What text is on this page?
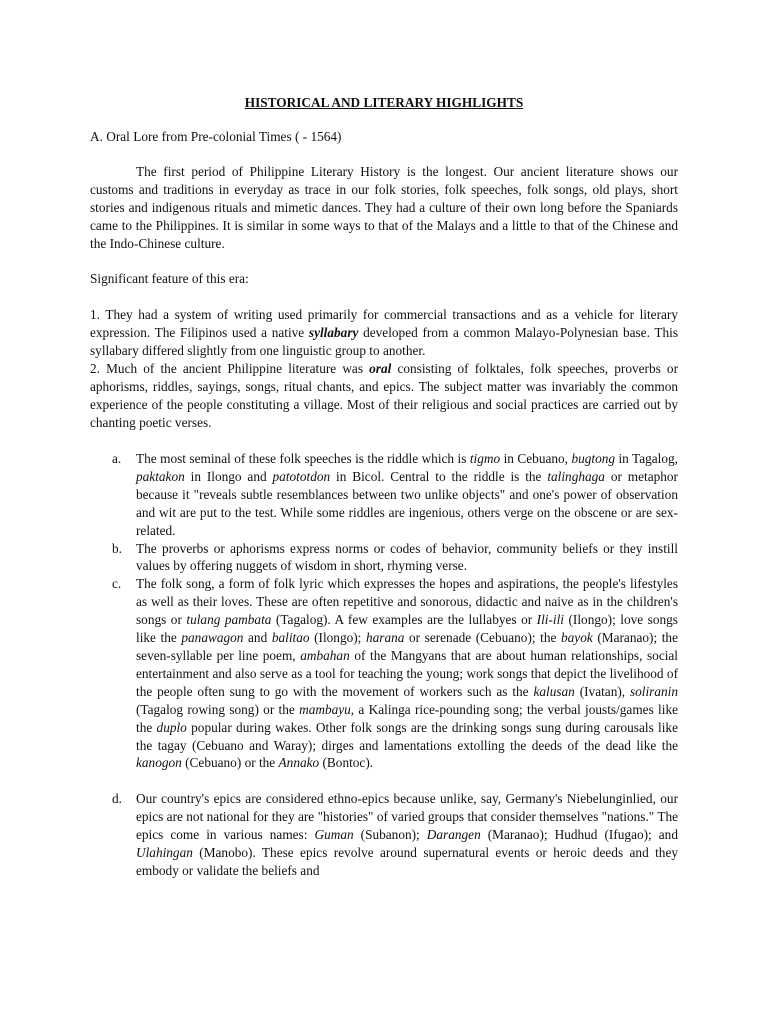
HISTORICAL AND LITERARY HIGHLIGHTS
A. Oral Lore from Pre-colonial Times ( - 1564)

The first period of Philippine Literary History is the longest. Our ancient literature shows our customs and traditions in everyday as trace in our folk stories, folk speeches, folk songs, old plays, short stories and indigenous rituals and mimetic dances. They had a culture of their own long before the Spaniards came to the Philippines. It is similar in some ways to that of the Malays and a little to that of the Chinese and the Indo-Chinese culture.

Significant feature of this era:

1. They had a system of writing used primarily for commercial transactions and as a vehicle for literary expression. The Filipinos used a native syllabary developed from a common Malayo-Polynesian base. This syllabary differed slightly from one linguistic group to another.

2. Much of the ancient Philippine literature was oral consisting of folktales, folk speeches, proverbs or aphorisms, riddles, sayings, songs, ritual chants, and epics. The subject matter was invariably the common experience of the people constituting a village. Most of their religious and social practices are carried out by chanting poetic verses.

a. The most seminal of these folk speeches is the riddle which is tigmo in Cebuano, bugtong in Tagalog, paktakon in Ilongo and patototdon in Bicol. Central to the riddle is the talinghaga or metaphor because it "reveals subtle resemblances between two unlike objects" and one's power of observation and wit are put to the test. While some riddles are ingenious, others verge on the obscene or are sex-related.
b. The proverbs or aphorisms express norms or codes of behavior, community beliefs or they instill values by offering nuggets of wisdom in short, rhyming verse.
c. The folk song, a form of folk lyric which expresses the hopes and aspirations, the people's lifestyles as well as their loves. These are often repetitive and sonorous, didactic and naive as in the children's songs or tulang pambata (Tagalog). A few examples are the lullabyes or Ili-ili (Ilongo); love songs like the panawagon and balitao (Ilongo); harana or serenade (Cebuano); the bayok (Maranao); the seven-syllable per line poem, ambahan of the Mangyans that are about human relationships, social entertainment and also serve as a tool for teaching the young; work songs that depict the livelihood of the people often sung to go with the movement of workers such as the kalusan (Ivatan), soliranin (Tagalog rowing song) or the mambayu, a Kalinga rice-pounding song; the verbal jousts/games like the duplo popular during wakes. Other folk songs are the drinking songs sung during carousals like the tagay (Cebuano and Waray); dirges and lamentations extolling the deeds of the dead like the kanogon (Cebuano) or the Annako (Bontoc).
d. Our country's epics are considered ethno-epics because unlike, say, Germany's Niebelunginlied, our epics are not national for they are "histories" of varied groups that consider themselves "nations." The epics come in various names: Guman (Subanon); Darangen (Maranao); Hudhud (Ifugao); and Ulahingan (Manobo). These epics revolve around supernatural events or heroic deeds and they embody or validate the beliefs and
